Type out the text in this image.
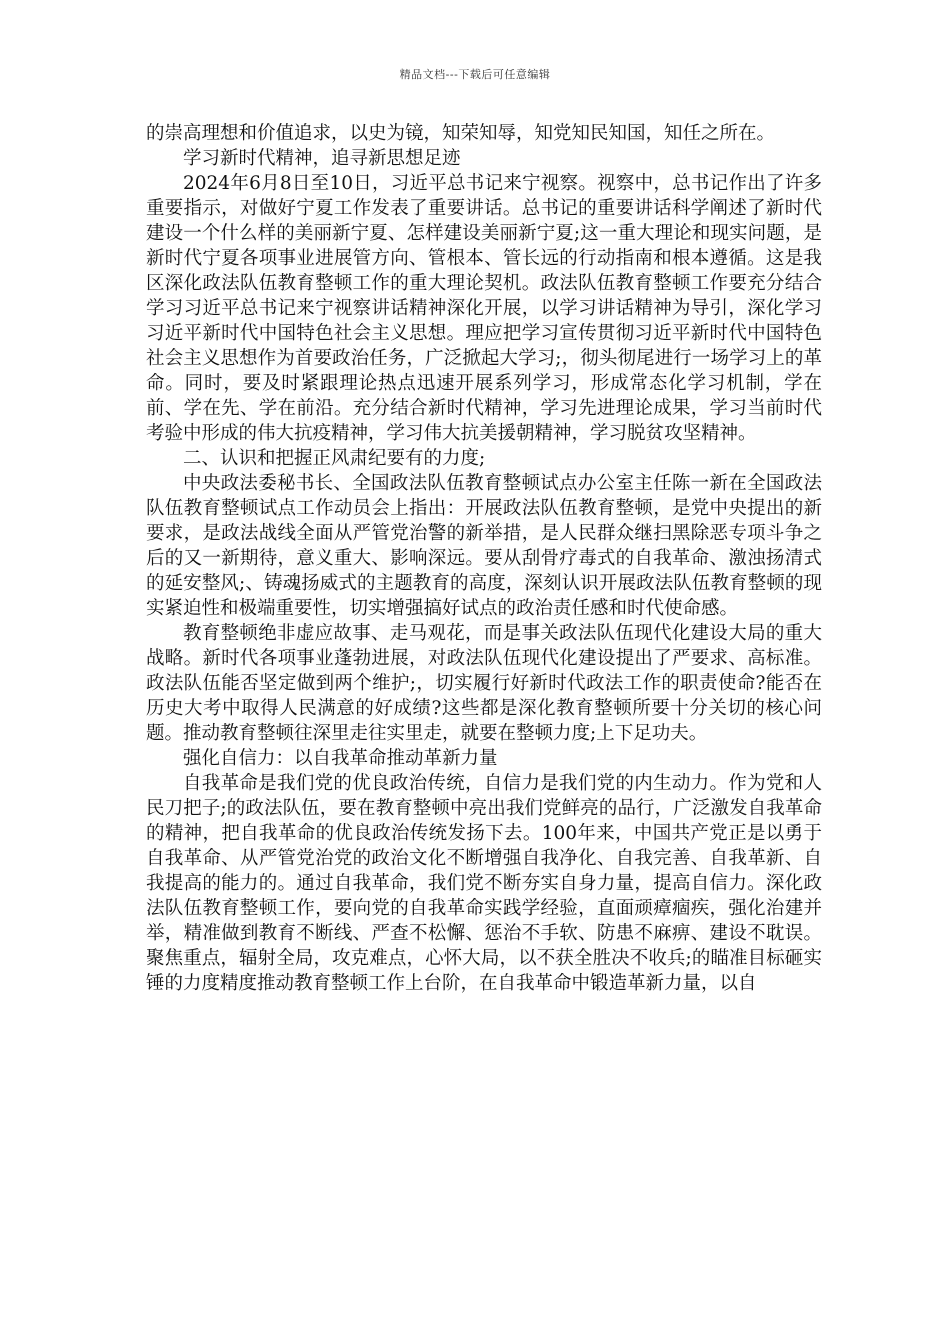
精品文档---下载后可任意编辑

的崇高理想和价值追求，以史为镜，知荣知辱，知党知民知国，知任之所在。

学习新时代精神，追寻新思想足迹

2024年6月8日至10日，习近平总书记来宁视察。视察中，总书记作出了许多重要指示，对做好宁夏工作发表了重要讲话。总书记的重要讲话科学阐述了新时代建设一个什么样的美丽新宁夏、怎样建设美丽新宁夏;这一重大理论和现实问题，是新时代宁夏各项事业进展管方向、管根本、管长远的行动指南和根本遵循。这是我区深化政法队伍教育整顿工作的重大理论契机。政法队伍教育整顿工作要充分结合学习习近平总书记来宁视察讲话精神深化开展，以学习讲话精神为导引，深化学习习近平新时代中国特色社会主义思想。理应把学习宣传贯彻习近平新时代中国特色社会主义思想作为首要政治任务，广泛掀起大学习;，彻头彻尾进行一场学习上的革命。同时，要及时紧跟理论热点迅速开展系列学习，形成常态化学习机制，学在前、学在先、学在前沿。充分结合新时代精神，学习先进理论成果，学习当前时代考验中形成的伟大抗疫精神，学习伟大抗美援朝精神，学习脱贫攻坚精神。

二、认识和把握正风肃纪要有的力度;

中央政法委秘书长、全国政法队伍教育整顿试点办公室主任陈一新在全国政法队伍教育整顿试点工作动员会上指出：开展政法队伍教育整顿，是党中央提出的新要求，是政法战线全面从严管党治警的新举措，是人民群众继扫黑除恶专项斗争之后的又一新期待，意义重大、影响深远。要从刮骨疗毒式的自我革命、激浊扬清式的延安整风;、铸魂扬威式的主题教育的高度，深刻认识开展政法队伍教育整顿的现实紧迫性和极端重要性，切实增强搞好试点的政治责任感和时代使命感。

教育整顿绝非虚应故事、走马观花，而是事关政法队伍现代化建设大局的重大战略。新时代各项事业蓬勃进展，对政法队伍现代化建设提出了严要求、高标准。政法队伍能否坚定做到两个维护;，切实履行好新时代政法工作的职责使命?能否在历史大考中取得人民满意的好成绩?这些都是深化教育整顿所要十分关切的核心问题。推动教育整顿往深里走往实里走，就要在整顿力度;上下足功夫。

强化自信力：以自我革命推动革新力量

自我革命是我们党的优良政治传统，自信力是我们党的内生动力。作为党和人民刀把子;的政法队伍，要在教育整顿中亮出我们党鲜亮的品行，广泛激发自我革命的精神，把自我革命的优良政治传统发扬下去。100年来，中国共产党正是以勇于自我革命、从严管党治党的政治文化不断增强自我净化、自我完善、自我革新、自我提高的能力的。通过自我革命，我们党不断夯实自身力量，提高自信力。深化政法队伍教育整顿工作，要向党的自我革命实践学经验，直面顽瘴痼疾，强化治建并举，精准做到教育不断线、严查不松懈、惩治不手软、防患不麻痹、建设不耽误。聚焦重点，辐射全局，攻克难点，心怀大局，以不获全胜决不收兵;的瞄准目标砸实锤的力度精度推动教育整顿工作上台阶，在自我革命中锻造革新力量，以自
